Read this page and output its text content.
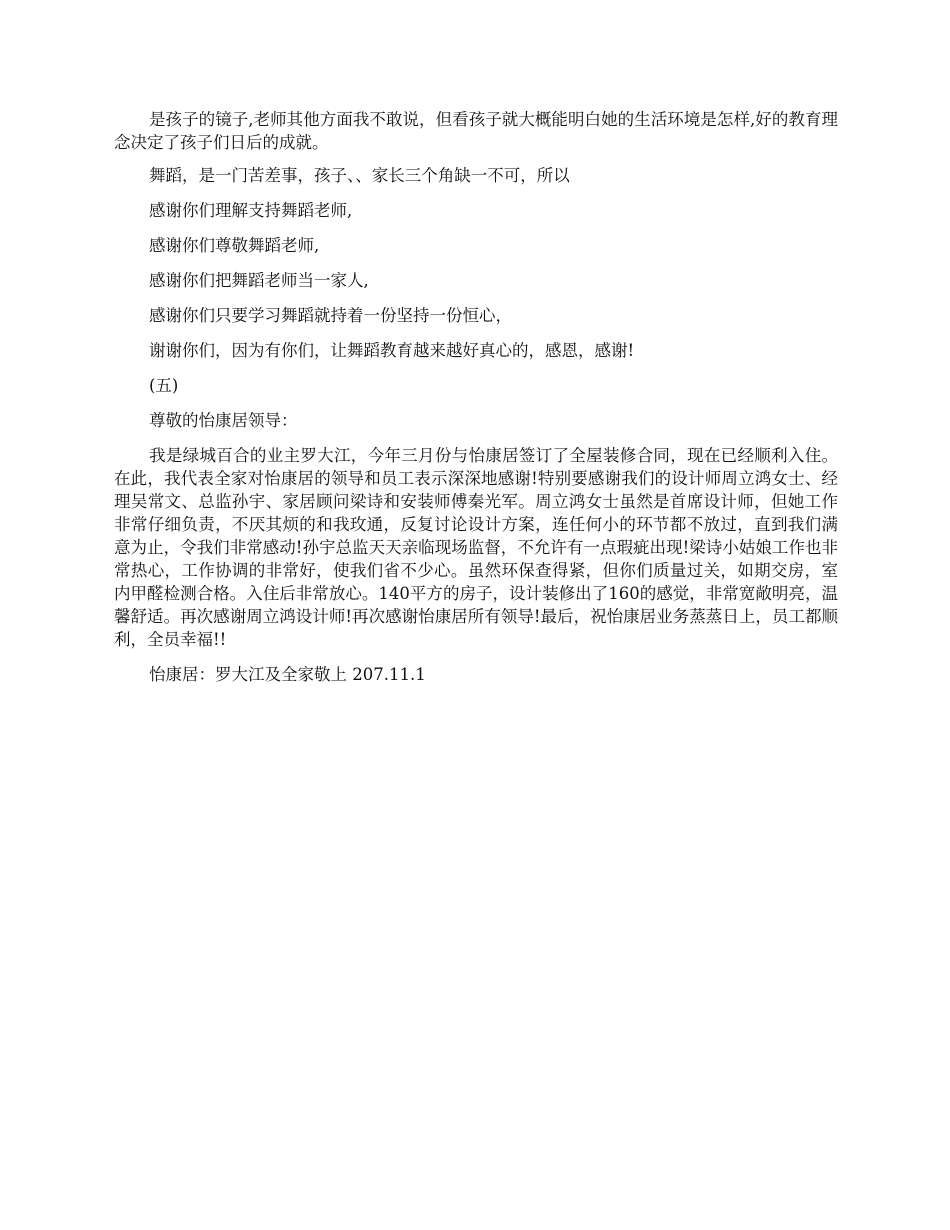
是孩子的镜子,老师其他方面我不敢说，但看孩子就大概能明白她的生活环境是怎样,好的教育理念决定了孩子们日后的成就。

舞蹈，是一门苦差事，孩子、、家长三个角缺一不可，所以

感谢你们理解支持舞蹈老师,

感谢你们尊敬舞蹈老师,

感谢你们把舞蹈老师当一家人,

感谢你们只要学习舞蹈就持着一份坚持一份恒心，

谢谢你们，因为有你们，让舞蹈教育越来越好真心的，感恩，感谢!

(五)

尊敬的怡康居领导：

我是绿城百合的业主罗大江，今年三月份与怡康居签订了全屋装修合同，现在已经顺利入住。在此，我代表全家对怡康居的领导和员工表示深深地感谢!特别要感谢我们的设计师周立鸿女士、经理吴常文、总监孙宇、家居顾问梁诗和安装师傅秦光军。周立鸿女士虽然是首席设计师，但她工作非常仔细负责，不厌其烦的和我玫通，反复讨论设计方案，连任何小的环节都不放过，直到我们满意为止，令我们非常感动!孙宇总监天天亲临现场监督，不允许有一点瑕疵出现!梁诗小姑娘工作也非常热心，工作协调的非常好，使我们省不少心。虽然环保查得紧，但你们质量过关，如期交房，室内甲醛检测合格。入住后非常放心。140平方的房子，设计装修出了160的感觉，非常宽敞明亮，温馨舒适。再次感谢周立鸿设计师!再次感谢怡康居所有领导!最后，祝怡康居业务蒸蒸日上，员工都顺利，全员幸福!!

怡康居：罗大江及全家敬上 207.11.1
